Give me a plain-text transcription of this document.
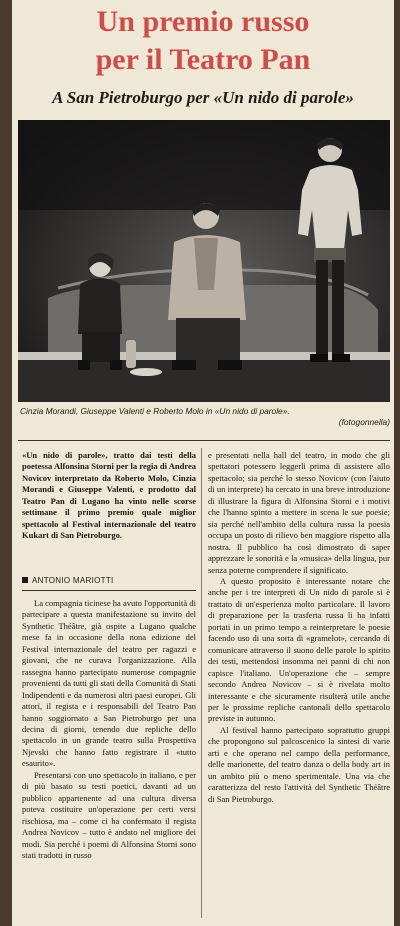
Un premio russo
per il Teatro Pan
A San Pietroburgo per «Un nido di parole»
Cinzia Morandi, Giuseppe Valenti e Roberto Molo in «Un nido di parole».
(fotogonnella)

«Un nido di parole», tratto dai testi della poetessa Alfonsina Storni per la regia di Andrea Novicov interpretato da Roberto Molo, Cinzia Morandi e Giuseppe Valenti, e prodotto dal Teatro Pan di Lugano ha vinto nelle scorse settimane il primo premio quale miglior spettacolo al Festival internazionale del teatro Kukart di San Pietroburgo.

ANTONIO MARIOTTI

La compagnia ticinese ha avuto l'opportunità di partecipare a questa manifestazione su invito del Synthetic Théâtre, già ospite a Lugano qualche mese fa in occasione della nona edizione del Festival internazionale del teatro per ragazzi e giovani, che ne curava l'organizzazione. Alla rassegna hanno partecipato numerose compagnie provenienti da tutti gli stati della Comunità di Stati Indipendenti e da numerosi altri paesi europei. Gli attori, il regista e i responsabili del Teatro Pan hanno soggiornato a San Pietroburgo per una decina di giorni, tenendo due repliche dello spettacolo in un grande teatro sulla Prospettiva Njevski che hanno fatto registrare il «tutto esaurito».

Presentarsi con uno spettacolo in italiano, e per di più basato su testi poetici, davanti ad un pubblico appartenente ad una cultura diversa poteva costituire un'operazione per certi versi rischiosa, ma – come ci ha confermato il regista Andrea Novicov – tutto è andato nel migliore dei modi. Sia perché i poemi di Alfonsina Storni sono stati tradotti in russo

e presentati nella hall del teatro, in modo che gli spettatori potessero leggerli prima di assistere allo spettacolo; sia perché lo stesso Novicov (con l'aiuto di un interprete) ha cercato in una breve introduzione di illustrare la figura di Alfonsina Storni e i motivi che l'hanno spinto a mettere in scena le sue poesie; sia perché nell'ambito della cultura russa la poesia occupa un posto di rilievo ben maggiore rispetto alla nostra. Il pubblico ha così dimostrato di saper apprezzare le sonorità e la «musica» della lingua, pur senza poterne comprendere il significato.

A questo proposito è interessante notare che anche per i tre interpreti di Un nido di parole si è trattato di un'esperienza molto particolare. Il lavoro di preparazione per la trasferta russa li ha infatti portati in un primo tempo a reinterpretare le poesie facendo uso di una sorta di «gramelot», cercando di comunicare attraverso il suono delle parole lo spirito dei testi, mettendosi insomma nei panni di chi non capisce l'italiano. Un'operazione che – sempre secondo Andrea Novicov – si è rivelata molto interessante e che sicuramente risulterà utile anche per le prossime repliche cantonali dello spettacolo previste in autunno.

Al festival hanno partecipato soprattutto gruppi che propongono sul palcoscenico la sintesi di varie arti e che operano nel campo della performance, delle marionette, del teatro danza o della body art in un ambito più o meno sperimentale. Una via che caratterizza del resto l'attività del Synthetic Théâtre di San Pietroburgo.
